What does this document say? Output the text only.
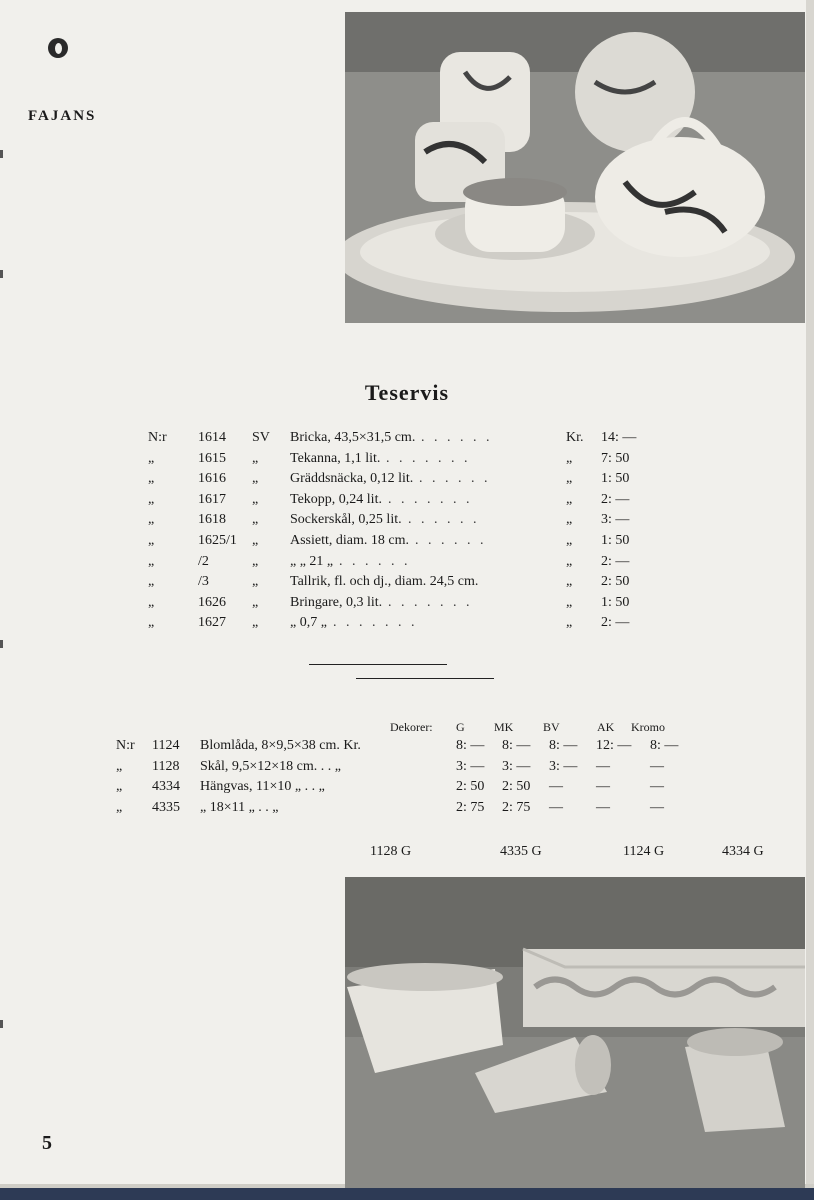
FAJANS
Teservis
N:r 1614 SV Bricka, 43,5×31,5 cm.	Kr. 14: —
. . . . . .
„	1615 „ Tekanna, 1,1 lit.	„ 7: 50
. . . . . . .
„	1616 „ Gräddsnäcka, 0,12 lit.	„ 1: 50
. . . . . .
„	1617 „ Tekopp, 0,24 lit.	„ 2: —
. . . . . . .
„	1618 „ Sockerskål, 0,25 lit.	„ 3: —
. . . . . .
„	1625/1 „ Assiett, diam. 18 cm.	„ 1: 50
. . . . . .
„	/2	„ „ „ 21 „	„ 2: —
. . . . . .
„	/3	„ Tallrik, fl. och dj., diam. 24,5 cm.	„ 2: 50
„	1626 „ Bringare, 0,3 lit.	„ 1: 50
. . . . . . .
„	1627 „ „ 0,7 „	„ 2: —
. . . . . . .
Dekorer: G MK BV	AK Kromo
N:r 1124 Blomlåda, 8×9,5×38 cm. Kr.	8: — 8: — 8: — 12: — 8: —
„ 1128 Skål, 9,5×12×18 cm. . . „	3: — 3: — 3: — —	—
„ 4334 Hängvas, 11×10 „ . . „	2: 50 2: 50 — —	—
„ 4335 „ 18×11 „ . . „	2: 75 2: 75 — —	—
1128 G	4335 G	1124 G	4334 G
5
